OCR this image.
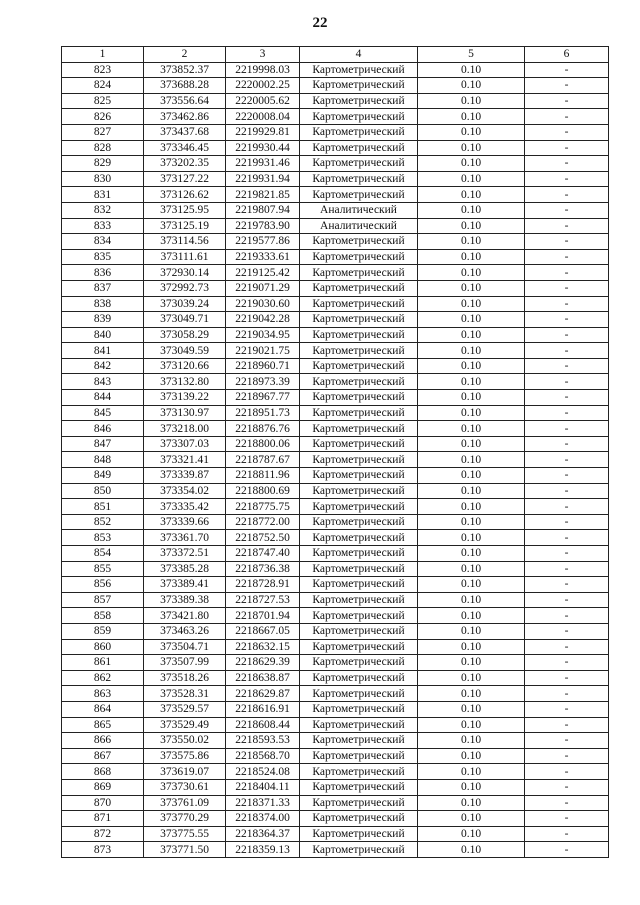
22
1	2	3	4	5	6
823	373852.37	2219998.03	Картометрический	0.10	-
824	373688.28	2220002.25	Картометрический	0.10	-
825	373556.64	2220005.62	Картометрический	0.10	-
826	373462.86	2220008.04	Картометрический	0.10	-
827	373437.68	2219929.81	Картометрический	0.10	-
828	373346.45	2219930.44	Картометрический	0.10	-
829	373202.35	2219931.46	Картометрический	0.10	-
830	373127.22	2219931.94	Картометрический	0.10	-
831	373126.62	2219821.85	Картометрический	0.10	-
832	373125.95	2219807.94	Аналитический	0.10	-
833	373125.19	2219783.90	Аналитический	0.10	-
834	373114.56	2219577.86	Картометрический	0.10	-
835	373111.61	2219333.61	Картометрический	0.10	-
836	372930.14	2219125.42	Картометрический	0.10	-
837	372992.73	2219071.29	Картометрический	0.10	-
838	373039.24	2219030.60	Картометрический	0.10	-
839	373049.71	2219042.28	Картометрический	0.10	-
840	373058.29	2219034.95	Картометрический	0.10	-
841	373049.59	2219021.75	Картометрический	0.10	-
842	373120.66	2218960.71	Картометрический	0.10	-
843	373132.80	2218973.39	Картометрический	0.10	-
844	373139.22	2218967.77	Картометрический	0.10	-
845	373130.97	2218951.73	Картометрический	0.10	-
846	373218.00	2218876.76	Картометрический	0.10	-
847	373307.03	2218800.06	Картометрический	0.10	-
848	373321.41	2218787.67	Картометрический	0.10	-
849	373339.87	2218811.96	Картометрический	0.10	-
850	373354.02	2218800.69	Картометрический	0.10	-
851	373335.42	2218775.75	Картометрический	0.10	-
852	373339.66	2218772.00	Картометрический	0.10	-
853	373361.70	2218752.50	Картометрический	0.10	-
854	373372.51	2218747.40	Картометрический	0.10	-
855	373385.28	2218736.38	Картометрический	0.10	-
856	373389.41	2218728.91	Картометрический	0.10	-
857	373389.38	2218727.53	Картометрический	0.10	-
858	373421.80	2218701.94	Картометрический	0.10	-
859	373463.26	2218667.05	Картометрический	0.10	-
860	373504.71	2218632.15	Картометрический	0.10	-
861	373507.99	2218629.39	Картометрический	0.10	-
862	373518.26	2218638.87	Картометрический	0.10	-
863	373528.31	2218629.87	Картометрический	0.10	-
864	373529.57	2218616.91	Картометрический	0.10	-
865	373529.49	2218608.44	Картометрический	0.10	-
866	373550.02	2218593.53	Картометрический	0.10	-
867	373575.86	2218568.70	Картометрический	0.10	-
868	373619.07	2218524.08	Картометрический	0.10	-
869	373730.61	2218404.11	Картометрический	0.10	-
870	373761.09	2218371.33	Картометрический	0.10	-
871	373770.29	2218374.00	Картометрический	0.10	-
872	373775.55	2218364.37	Картометрический	0.10	-
873	373771.50	2218359.13	Картометрический	0.10	-
